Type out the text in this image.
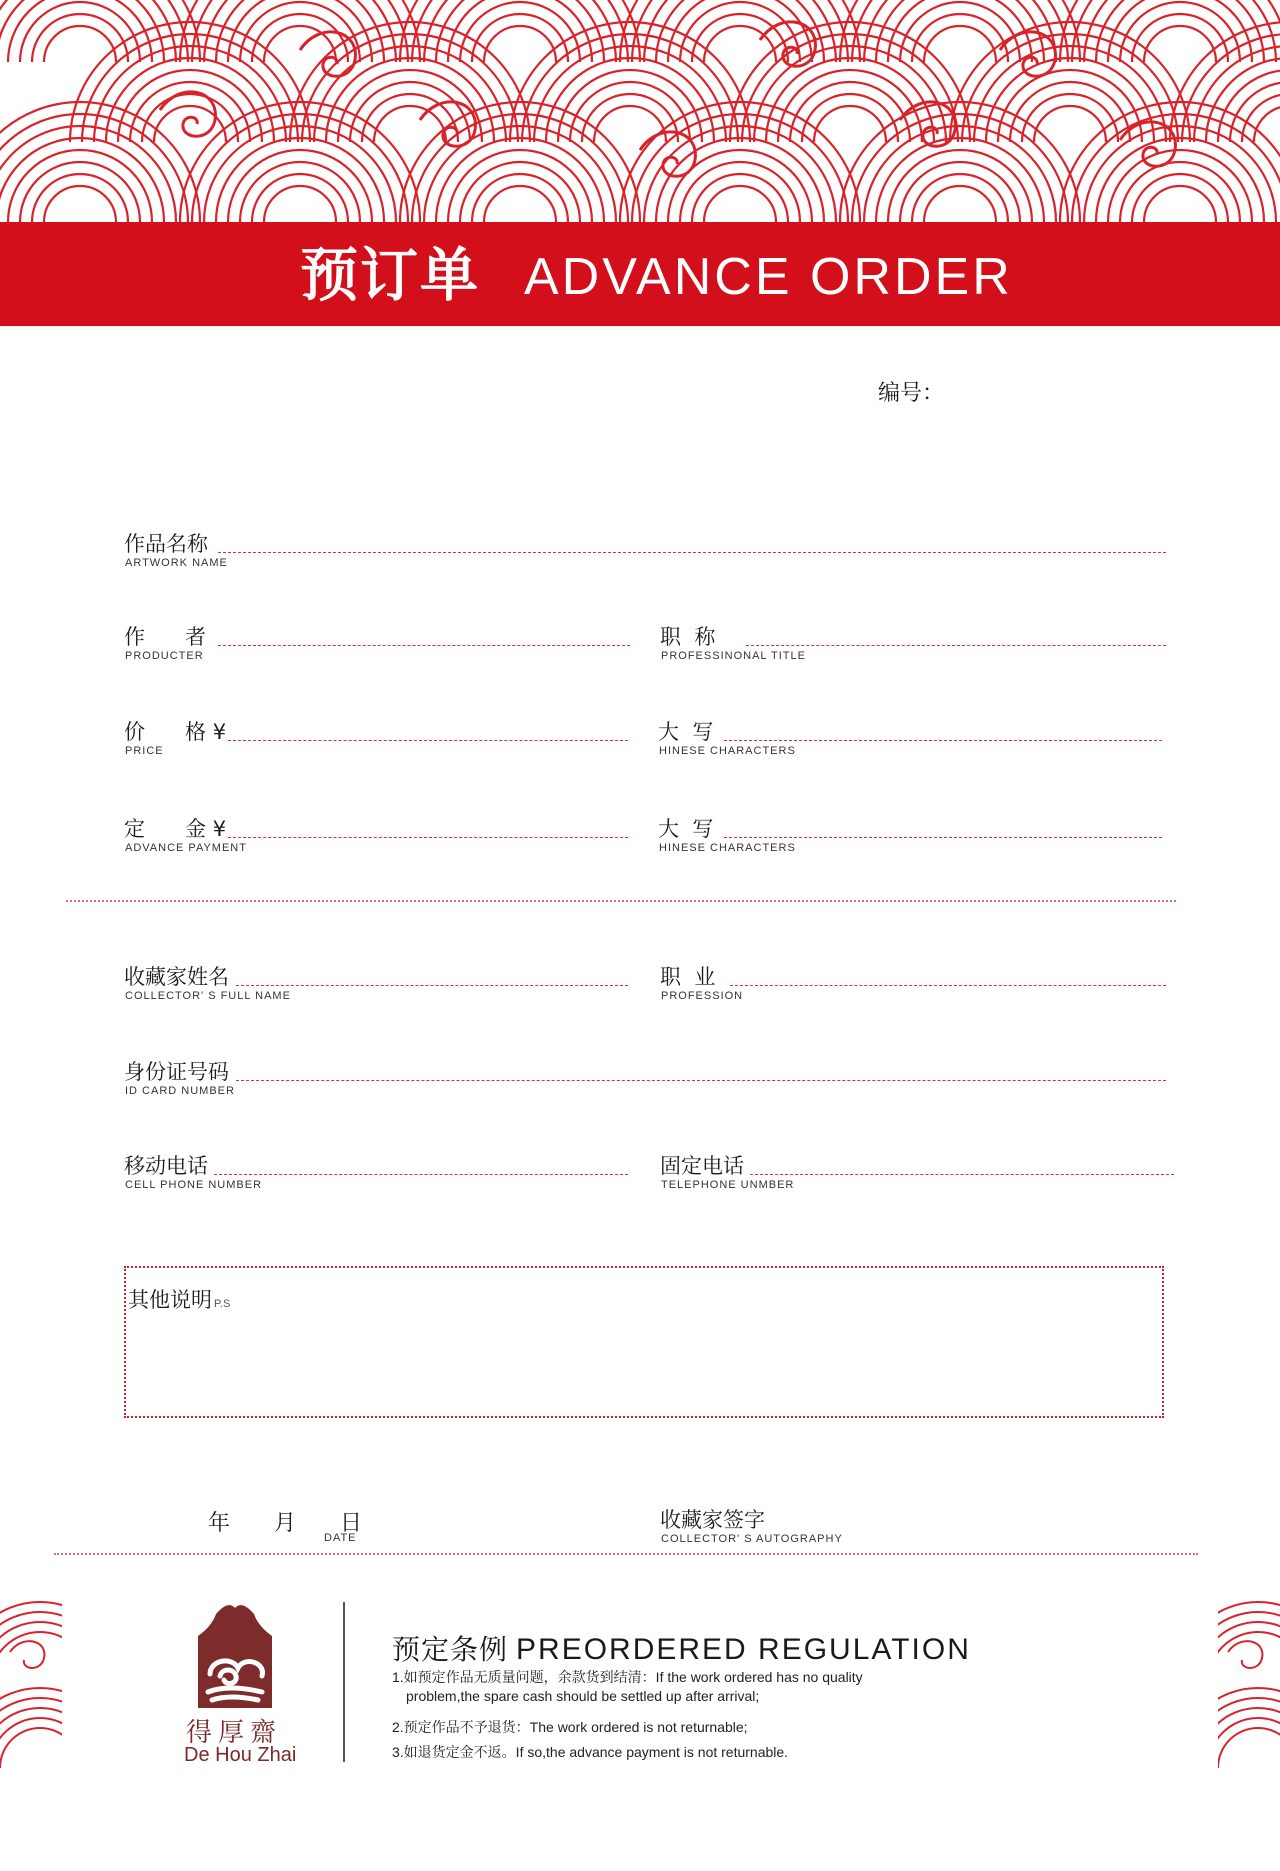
预订单 ADVANCE ORDER
编号：
作品名称
ARTWORK NAME
作      者
PRODUCTER
职  称
PROFESSINONAL TITLE
价      格 ¥
PRICE
大  写
HINESE CHARACTERS
定      金 ¥
ADVANCE PAYMENT
大  写
HINESE CHARACTERS
收藏家姓名
COLLECTOR' S FULL NAME
职  业
PROFESSION
身份证号码
ID CARD NUMBER
移动电话
CELL PHONE NUMBER
固定电话
TELEPHONE UNMBER
其他说明 P.S
年 月 日
DATE
收藏家签字
COLLECTOR' S AUTOGRAPHY
得厚齋
De Hou Zhai
预定条例 PREORDERED REGULATION
1.如预定作品无质量问题，余款货到结清：If the work ordered has no quality
problem,the spare cash should be settled up after arrival;
2.预定作品不予退货：The work ordered is not returnable;
3.如退货定金不返。If so,the advance payment is not returnable.
